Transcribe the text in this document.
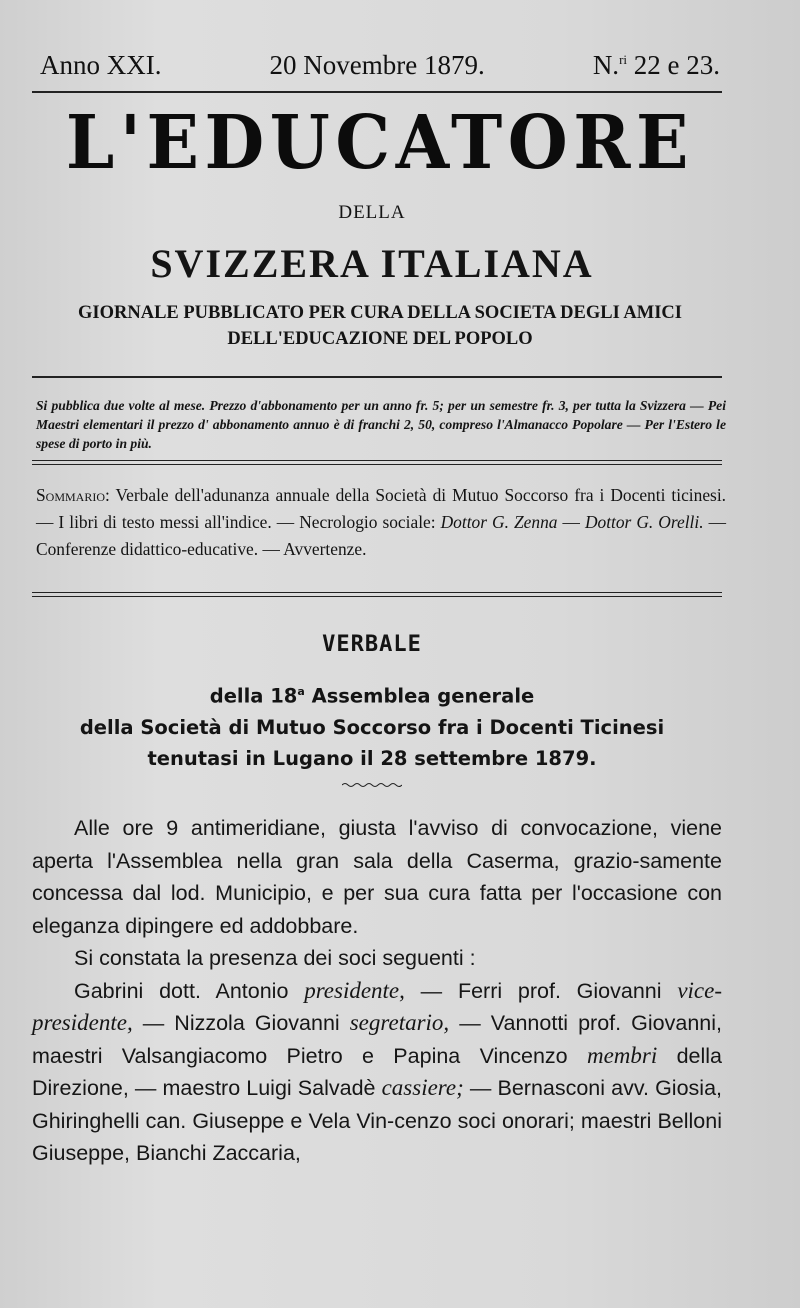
Anno XXI.	20 Novembre 1879.	N.$^{ri}$ 22 e 23.
L'EDUCATORE
DELLA
SVIZZERA ITALIANA
GIORNALE PUBBLICATO PER CURA DELLA SOCIETA DEGLI AMICI
DELL'EDUCAZIONE DEL POPOLO
Si pubblica due volte al mese. Prezzo d'abbonamento per un anno fr. 5; per un semestre fr. 3, per tutta la Svizzera — Pei Maestri elementari il prezzo d' abbonamento annuo è di franchi 2, 50, compreso l'Almanacco Popolare — Per l'Estero le spese di porto in più.
Sommario: Verbale dell'adunanza annuale della Società di Mutuo Soccorso fra i Docenti ticinesi. — I libri di testo messi all'indice. — Necrologio sociale: Dottor G. Zenna — Dottor G. Orelli. — Conferenze didattico-educative. — Avvertenze.
VERBALE
della 18$^a$ Assemblea generale
della Società di Mutuo Soccorso fra i Docenti Ticinesi
tenutasi in Lugano il 28 settembre 1879.

Alle ore 9 antimeridiane, giusta l'avviso di convocazione, viene aperta l'Assemblea nella gran sala della Caserma, grazio-samente concessa dal lod. Municipio, e per sua cura fatta per l'occasione con eleganza dipingere ed addobbare.

Si constata la presenza dei soci seguenti :

Gabrini dott. Antonio presidente, — Ferri prof. Giovanni vice-presidente, — Nizzola Giovanni segretario, — Vannotti prof. Giovanni, maestri Valsangiacomo Pietro e Papina Vincenzo membri della Direzione, — maestro Luigi Salvadè cassiere; — Bernasconi avv. Giosia, Ghiringhelli can. Giuseppe e Vela Vin-cenzo soci onorari; maestri Belloni Giuseppe, Bianchi Zaccaria,
